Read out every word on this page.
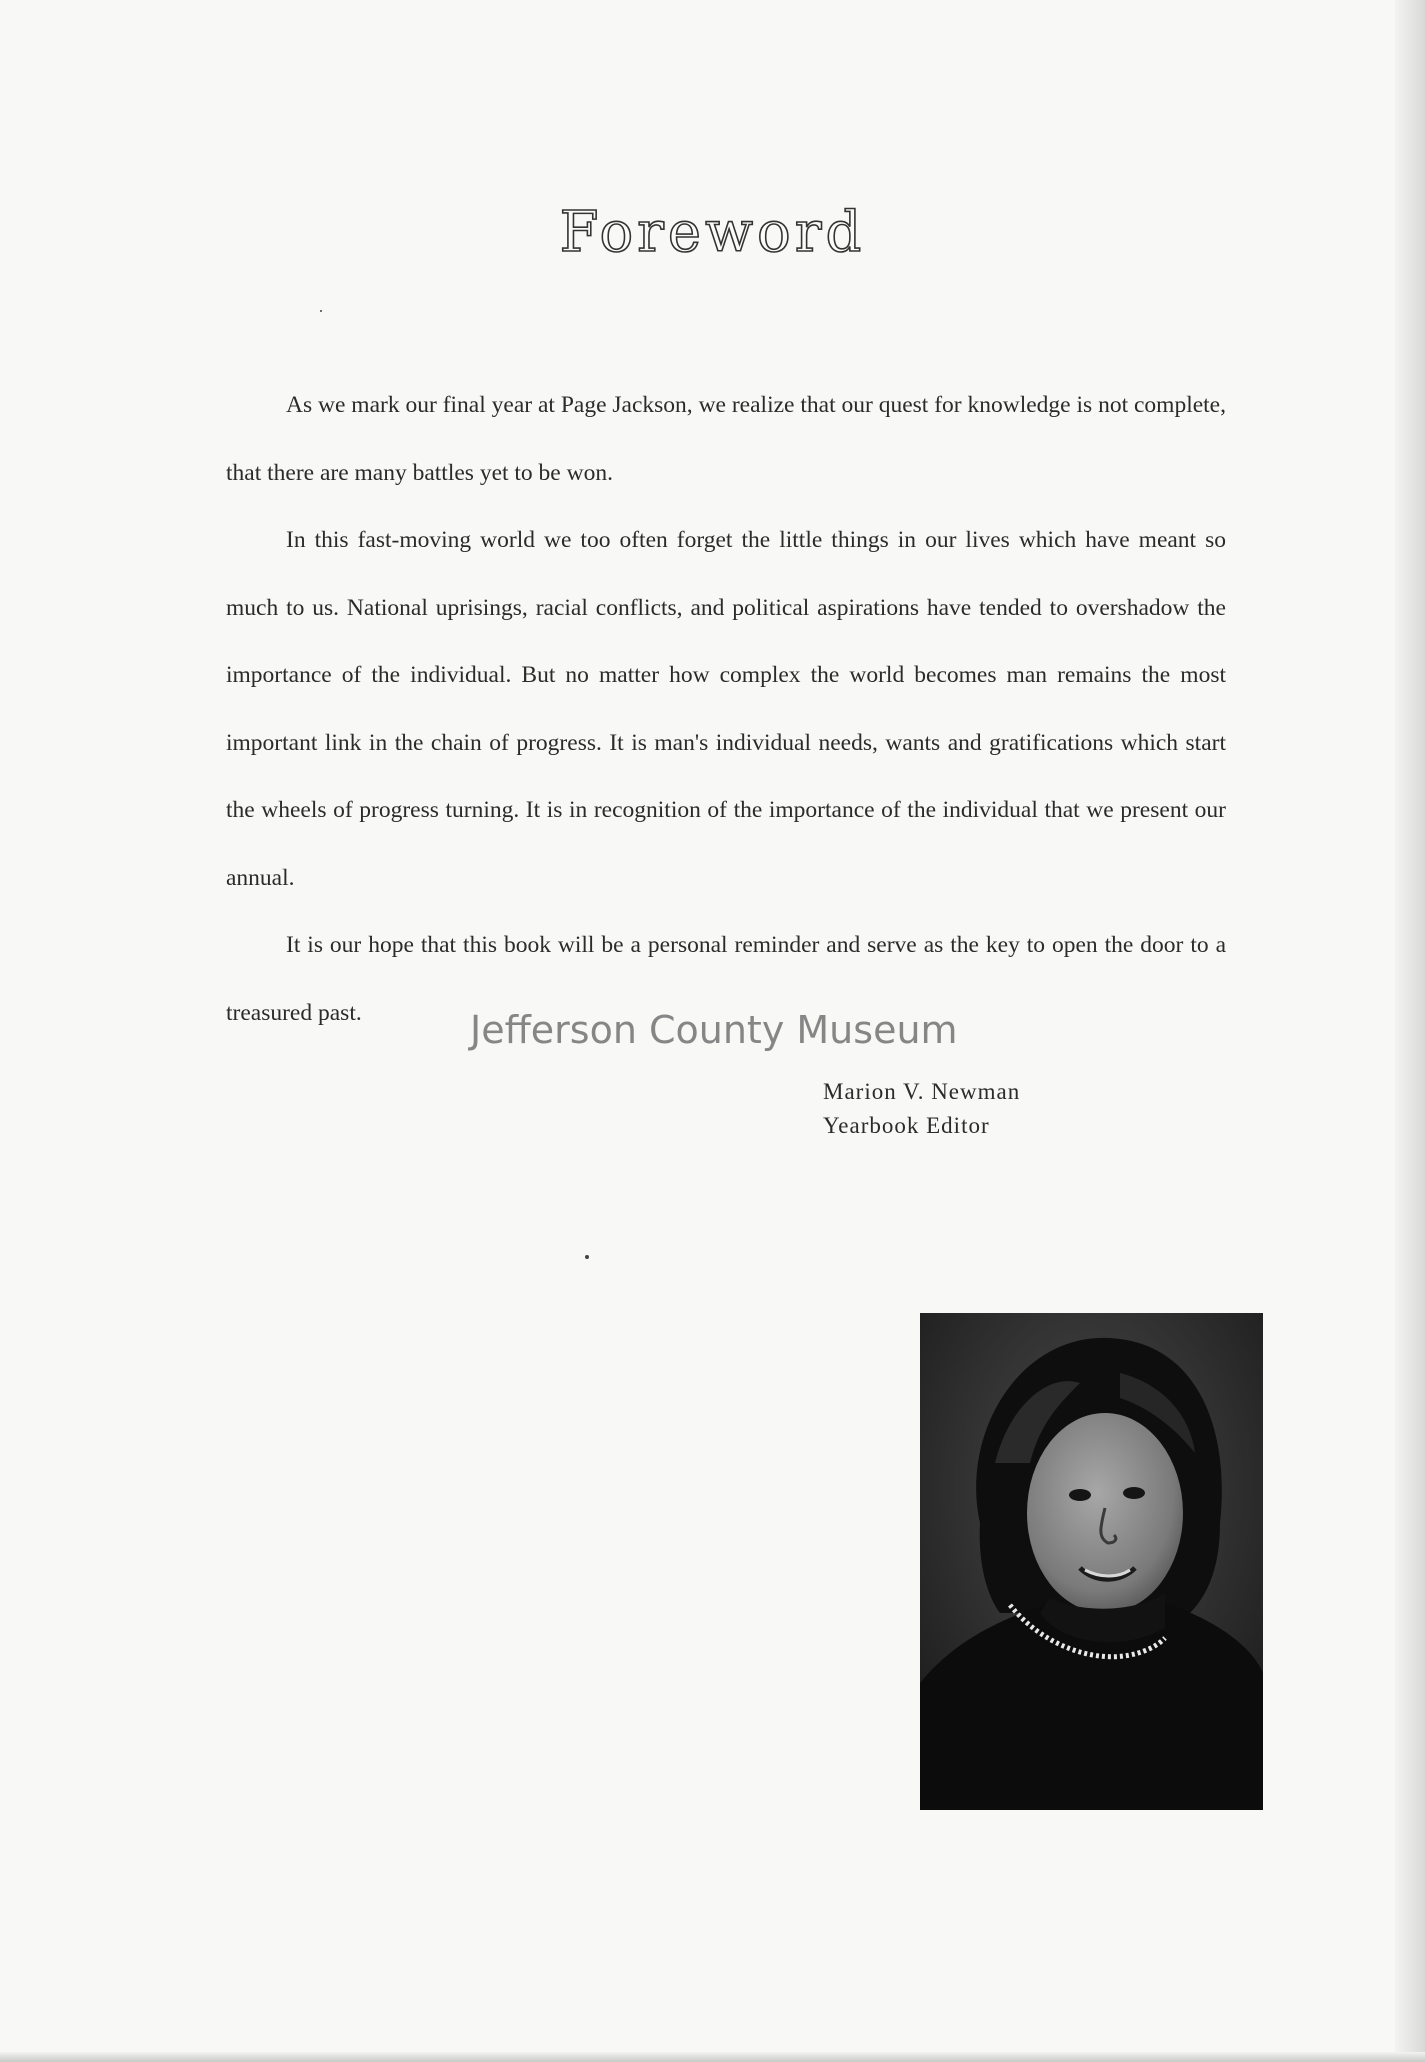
Foreword

As we mark our final year at Page Jackson, we realize that our quest for knowledge is not complete, that there are many battles yet to be won.

In this fast-moving world we too often forget the little things in our lives which have meant so much to us. National uprisings, racial conflicts, and political aspirations have tended to overshadow the importance of the individual. But no matter how complex the world becomes man remains the most important link in the chain of progress. It is man's individual needs, wants and gratifications which start the wheels of progress turning. It is in recognition of the importance of the individual that we present our annual.

It is our hope that this book will be a personal reminder and serve as the key to open the door to a treasured past.

Marion V. Newman
Yearbook Editor
Jefferson County Museum
